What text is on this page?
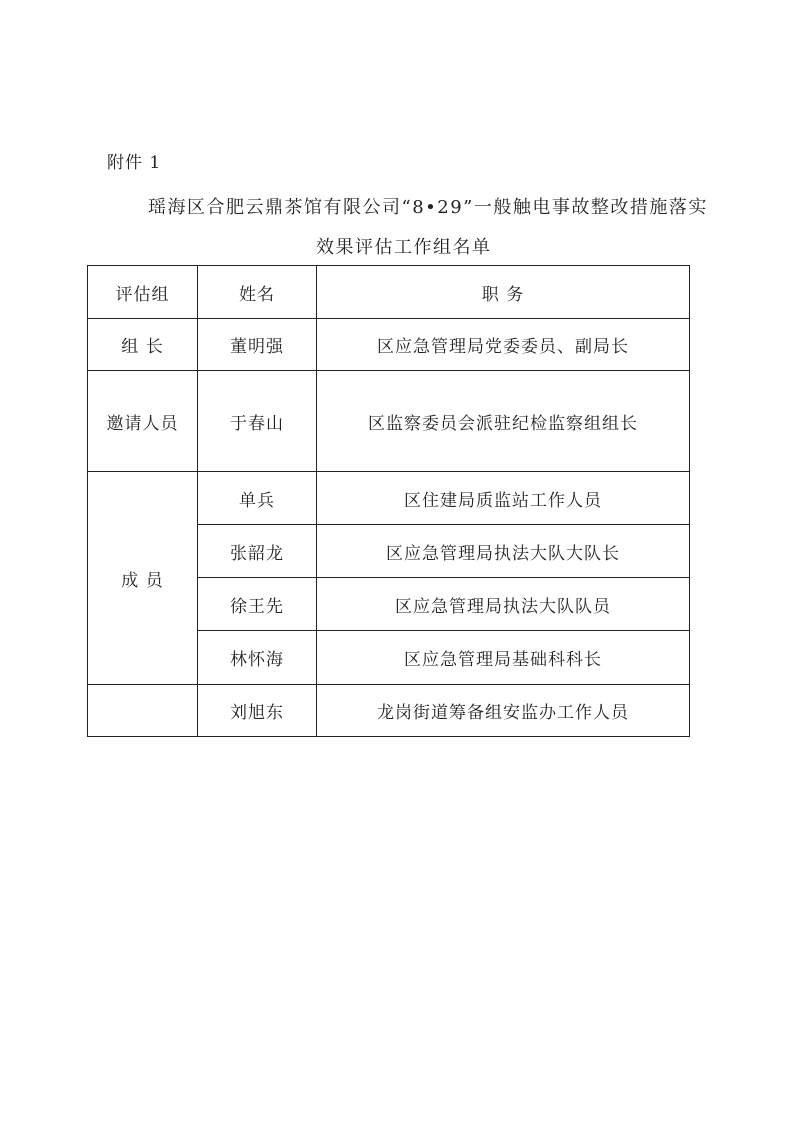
附件 1
瑶海区合肥云鼎茶馆有限公司“8•29”一般触电事故整改措施落实
效果评估工作组名单
评估组	姓名	职 务
组 长	董明强	区应急管理局党委委员、副局长
邀请人员	于春山	区监察委员会派驻纪检监察组组长
成 员	单兵	区住建局质监站工作人员
	张韶龙	区应急管理局执法大队大队长
	徐王先	区应急管理局执法大队队员
	林怀海	区应急管理局基础科科长
	刘旭东	龙岗街道筹备组安监办工作人员
